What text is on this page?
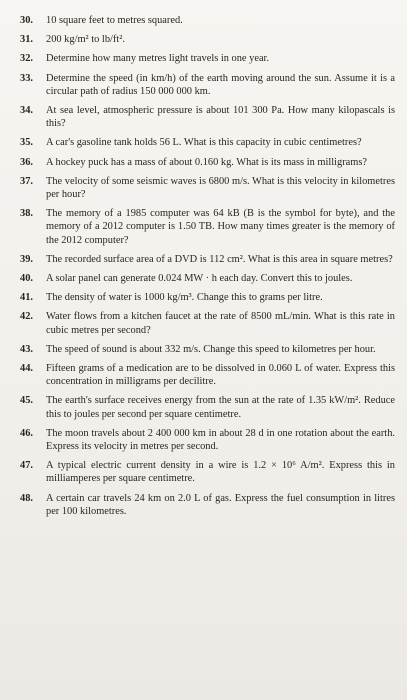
30.	10 square feet to metres squared.
31.	200 kg/m² to lb/ft².
32.	Determine how many metres light travels in one year.
33.	Determine the speed (in km/h) of the earth moving around the sun. Assume it is a circular path of radius 150 000 000 km.
34.	At sea level, atmospheric pressure is about 101 300 Pa. How many kilopascals is this?
35.	A car's gasoline tank holds 56 L. What is this capacity in cubic centimetres?
36.	A hockey puck has a mass of about 0.160 kg. What is its mass in milligrams?
37.	The velocity of some seismic waves is 6800 m/s. What is this velocity in kilometres per hour?
38.	The memory of a 1985 computer was 64 kB (B is the symbol for byte), and the memory of a 2012 computer is 1.50 TB. How many times greater is the memory of the 2012 computer?
39.	The recorded surface area of a DVD is 112 cm². What is this area in square metres?
40.	A solar panel can generate 0.024 MW · h each day. Convert this to joules.
41.	The density of water is 1000 kg/m³. Change this to grams per litre.
42.	Water flows from a kitchen faucet at the rate of 8500 mL/min. What is this rate in cubic metres per second?
43.	The speed of sound is about 332 m/s. Change this speed to kilometres per hour.
44.	Fifteen grams of a medication are to be dissolved in 0.060 L of water. Express this concentration in milligrams per decilitre.
45.	The earth's surface receives energy from the sun at the rate of 1.35 kW/m². Reduce this to joules per second per square centimetre.
46.	The moon travels about 2 400 000 km in about 28 d in one rotation about the earth. Express its velocity in metres per second.
47.	A typical electric current density in a wire is 1.2 × 10⁶ A/m². Express this in milliamperes per square centimetre.
48.	A certain car travels 24 km on 2.0 L of gas. Express the fuel consumption in litres per 100 kilometres.
